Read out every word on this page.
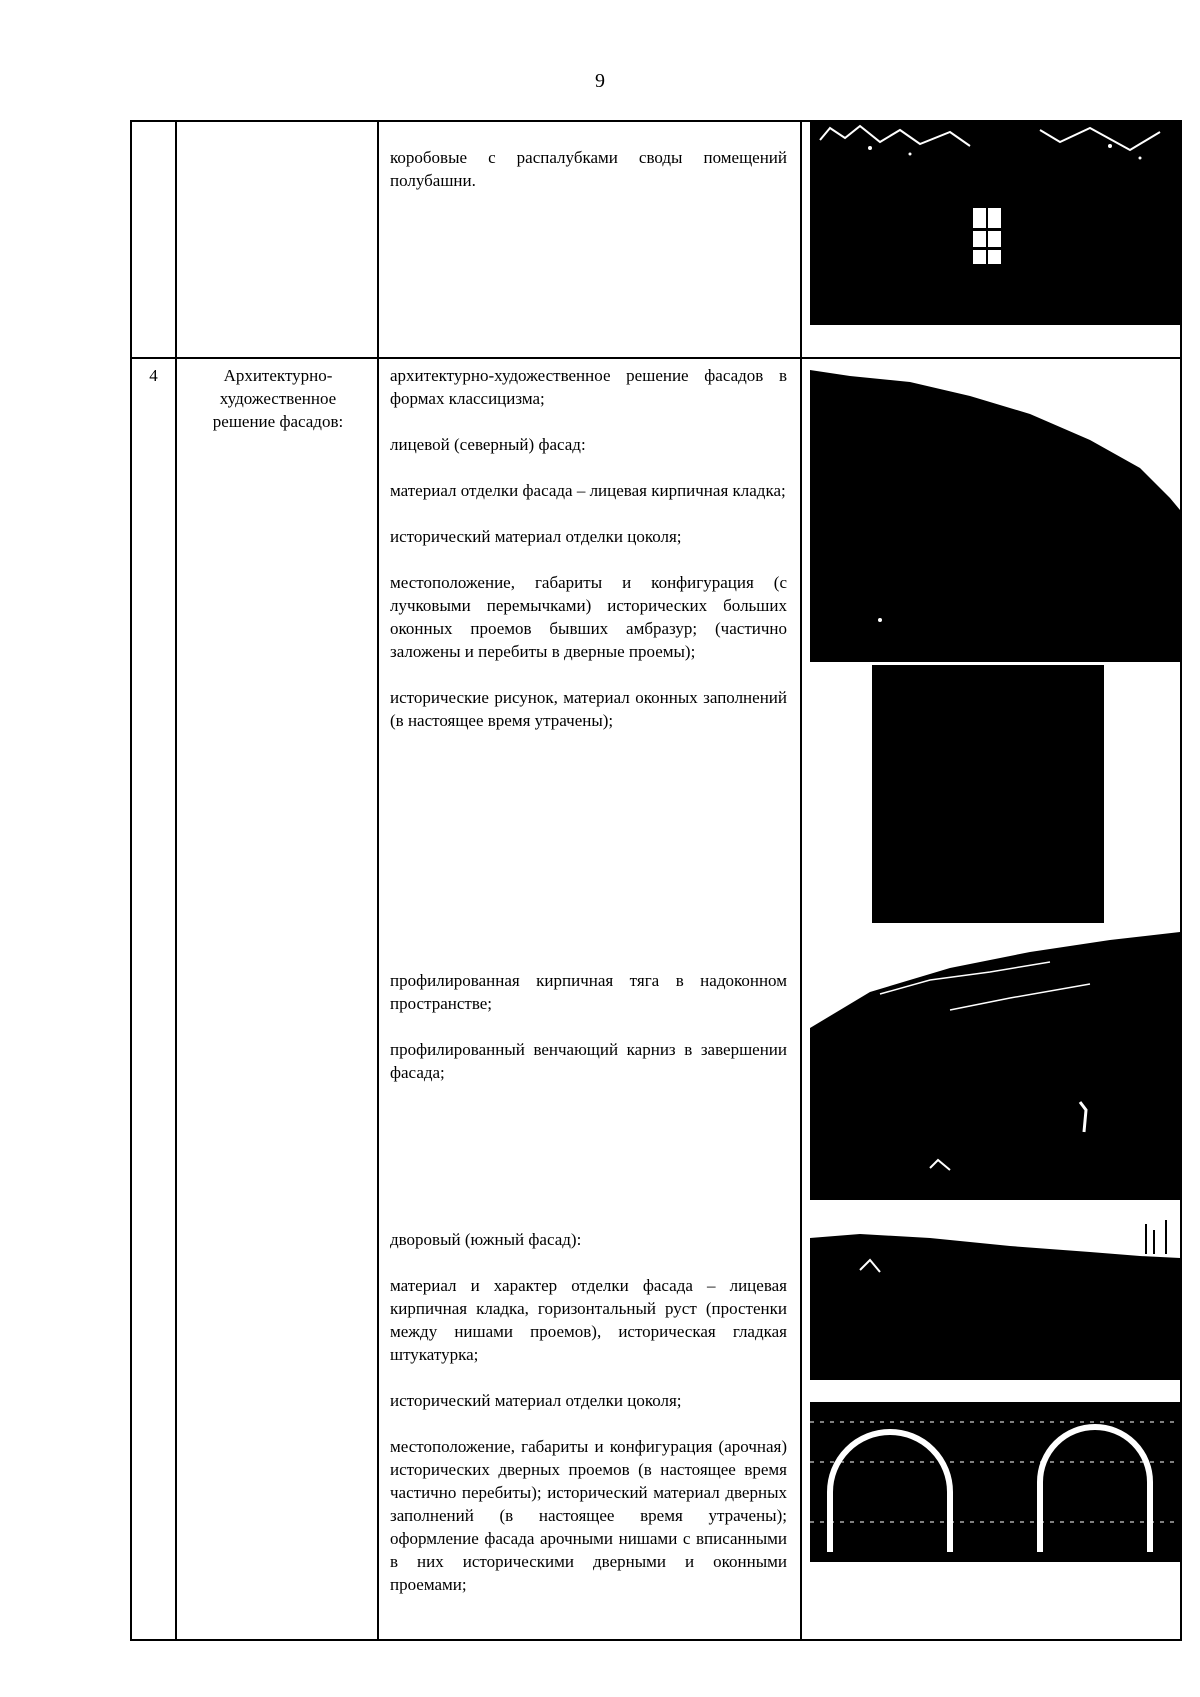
9

коробовые с распалубками своды помещений полубашни.

4	Архитектурно-художественное решение фасадов:

архитектурно-художественное решение фасадов в формах классицизма;

лицевой (северный) фасад:

материал отделки фасада – лицевая кирпичная кладка;

исторический материал отделки цоколя;

местоположение, габариты и конфигурация (с лучковыми перемычками) исторических больших оконных проемов бывших амбразур; (частично заложены и перебиты в дверные проемы);

исторические рисунок, материал оконных заполнений (в настоящее время утрачены);

профилированная кирпичная тяга в надоконном пространстве;

профилированный венчающий карниз в завершении фасада;

дворовый (южный фасад):

материал и характер отделки фасада – лицевая кирпичная кладка, горизонтальный руст (простенки между нишами проемов), историческая гладкая штукатурка;

исторический материал отделки цоколя;

местоположение, габариты и конфигурация (арочная) исторических дверных проемов (в настоящее время частично перебиты); исторический материал дверных заполнений (в настоящее время утрачены); оформление фасада арочными нишами с вписанными в них историческими дверными и оконными проемами;
